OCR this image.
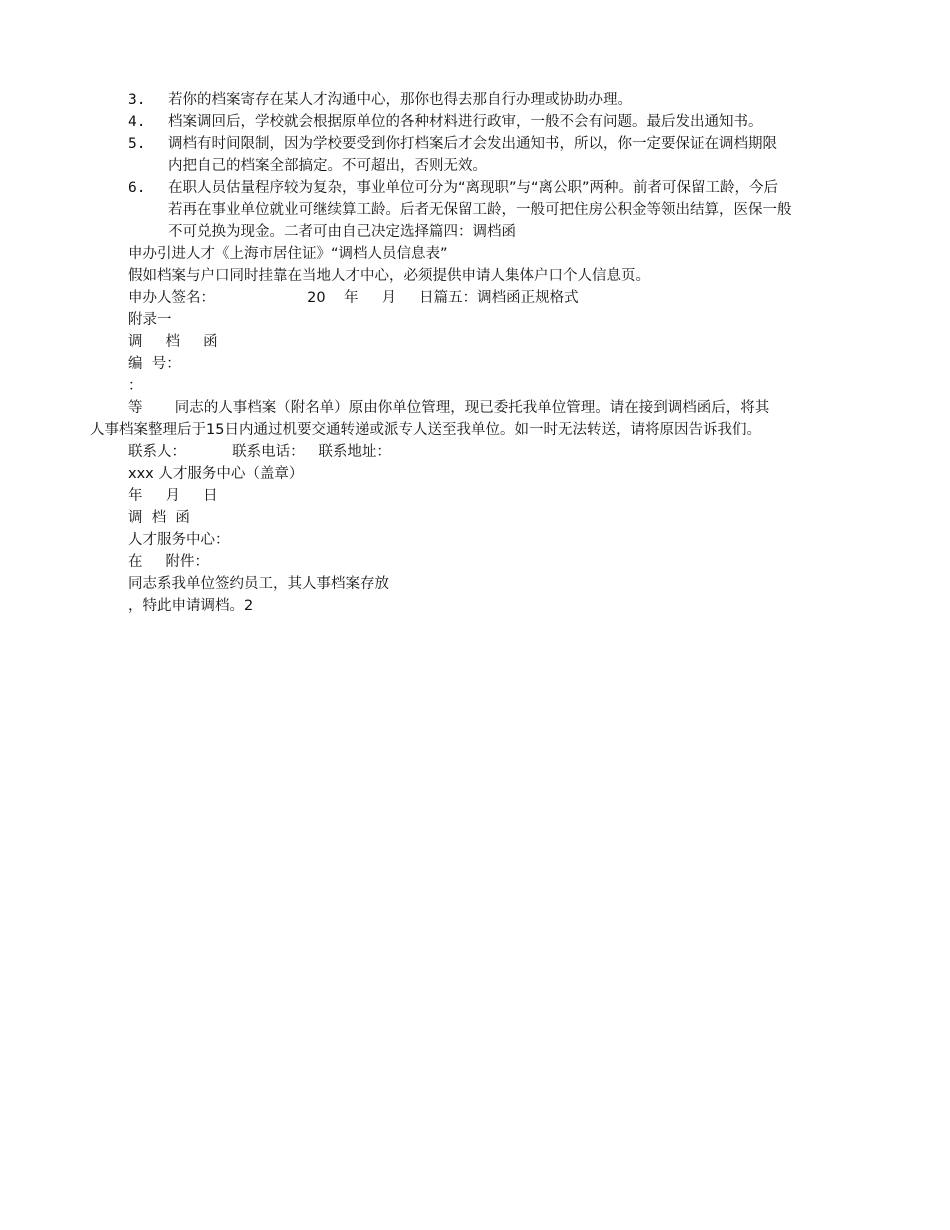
3. 若你的档案寄存在某人才沟通中心，那你也得去那自行办理或协助办理。
4. 档案调回后，学校就会根据原单位的各种材料进行政审，一般不会有问题。最后发出通知书。
5. 调档有时间限制，因为学校要受到你打档案后才会发出通知书，所以，你一定要保证在调档期限
内把自己的档案全部搞定。不可超出，否则无效。
6. 在职人员估量程序较为复杂，事业单位可分为“离现职”与“离公职”两种。前者可保留工龄，今后
若再在事业单位就业可继续算工龄。后者无保留工龄，一般可把住房公积金等领出结算，医保一般
不可兑换为现金。二者可由自己决定选择篇四：调档函
申办引进人才《上海市居住证》“调档人员信息表”
假如档案与户口同时挂靠在当地人才中心，必须提供申请人集体户口个人信息页。
申办人签名：                    20    年     月     日篇五：调档函正规格式
附录一
调     档     函
编  号：
：
等       同志的人事档案（附名单）原由你单位管理，现已委托我单位管理。请在接到调档函后，将其
人事档案整理后于15日内通过机要交通转递或派专人送至我单位。如一时无法转送，请将原因告诉我们。
联系人：          联系电话：   联系地址：
xxx 人才服务中心（盖章）
年     月     日
调  档  函
人才服务中心：
在     附件：
同志系我单位签约员工，其人事档案存放
，特此申请调档。2
